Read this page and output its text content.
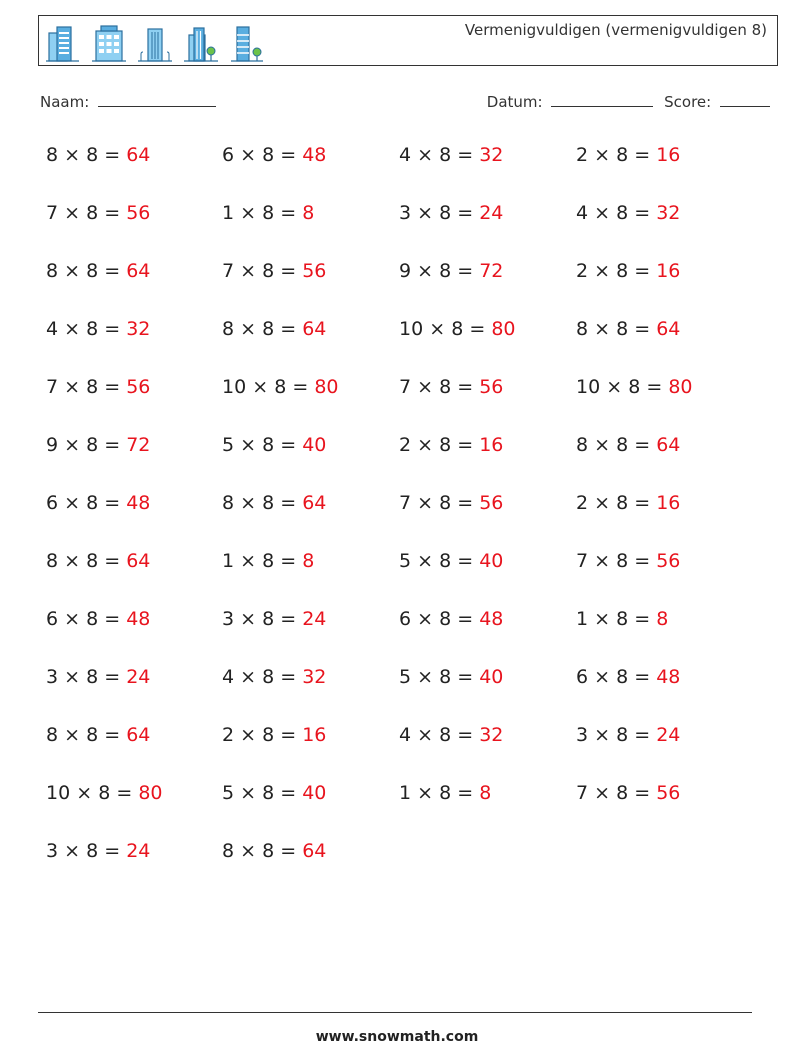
Vermenigvuldigen (vermenigvuldigen 8)
Naam:	Datum:	Score:
8 × 8 = 64	6 × 8 = 48	4 × 8 = 32	2 × 8 = 16
7 × 8 = 56	1 × 8 = 8	3 × 8 = 24	4 × 8 = 32
8 × 8 = 64	7 × 8 = 56	9 × 8 = 72	2 × 8 = 16
4 × 8 = 32	8 × 8 = 64	10 × 8 = 80	8 × 8 = 64
7 × 8 = 56	10 × 8 = 80	7 × 8 = 56	10 × 8 = 80
9 × 8 = 72	5 × 8 = 40	2 × 8 = 16	8 × 8 = 64
6 × 8 = 48	8 × 8 = 64	7 × 8 = 56	2 × 8 = 16
8 × 8 = 64	1 × 8 = 8	5 × 8 = 40	7 × 8 = 56
6 × 8 = 48	3 × 8 = 24	6 × 8 = 48	1 × 8 = 8
3 × 8 = 24	4 × 8 = 32	5 × 8 = 40	6 × 8 = 48
8 × 8 = 64	2 × 8 = 16	4 × 8 = 32	3 × 8 = 24
10 × 8 = 80	5 × 8 = 40	1 × 8 = 8	7 × 8 = 56
3 × 8 = 24	8 × 8 = 64
www.snowmath.com
